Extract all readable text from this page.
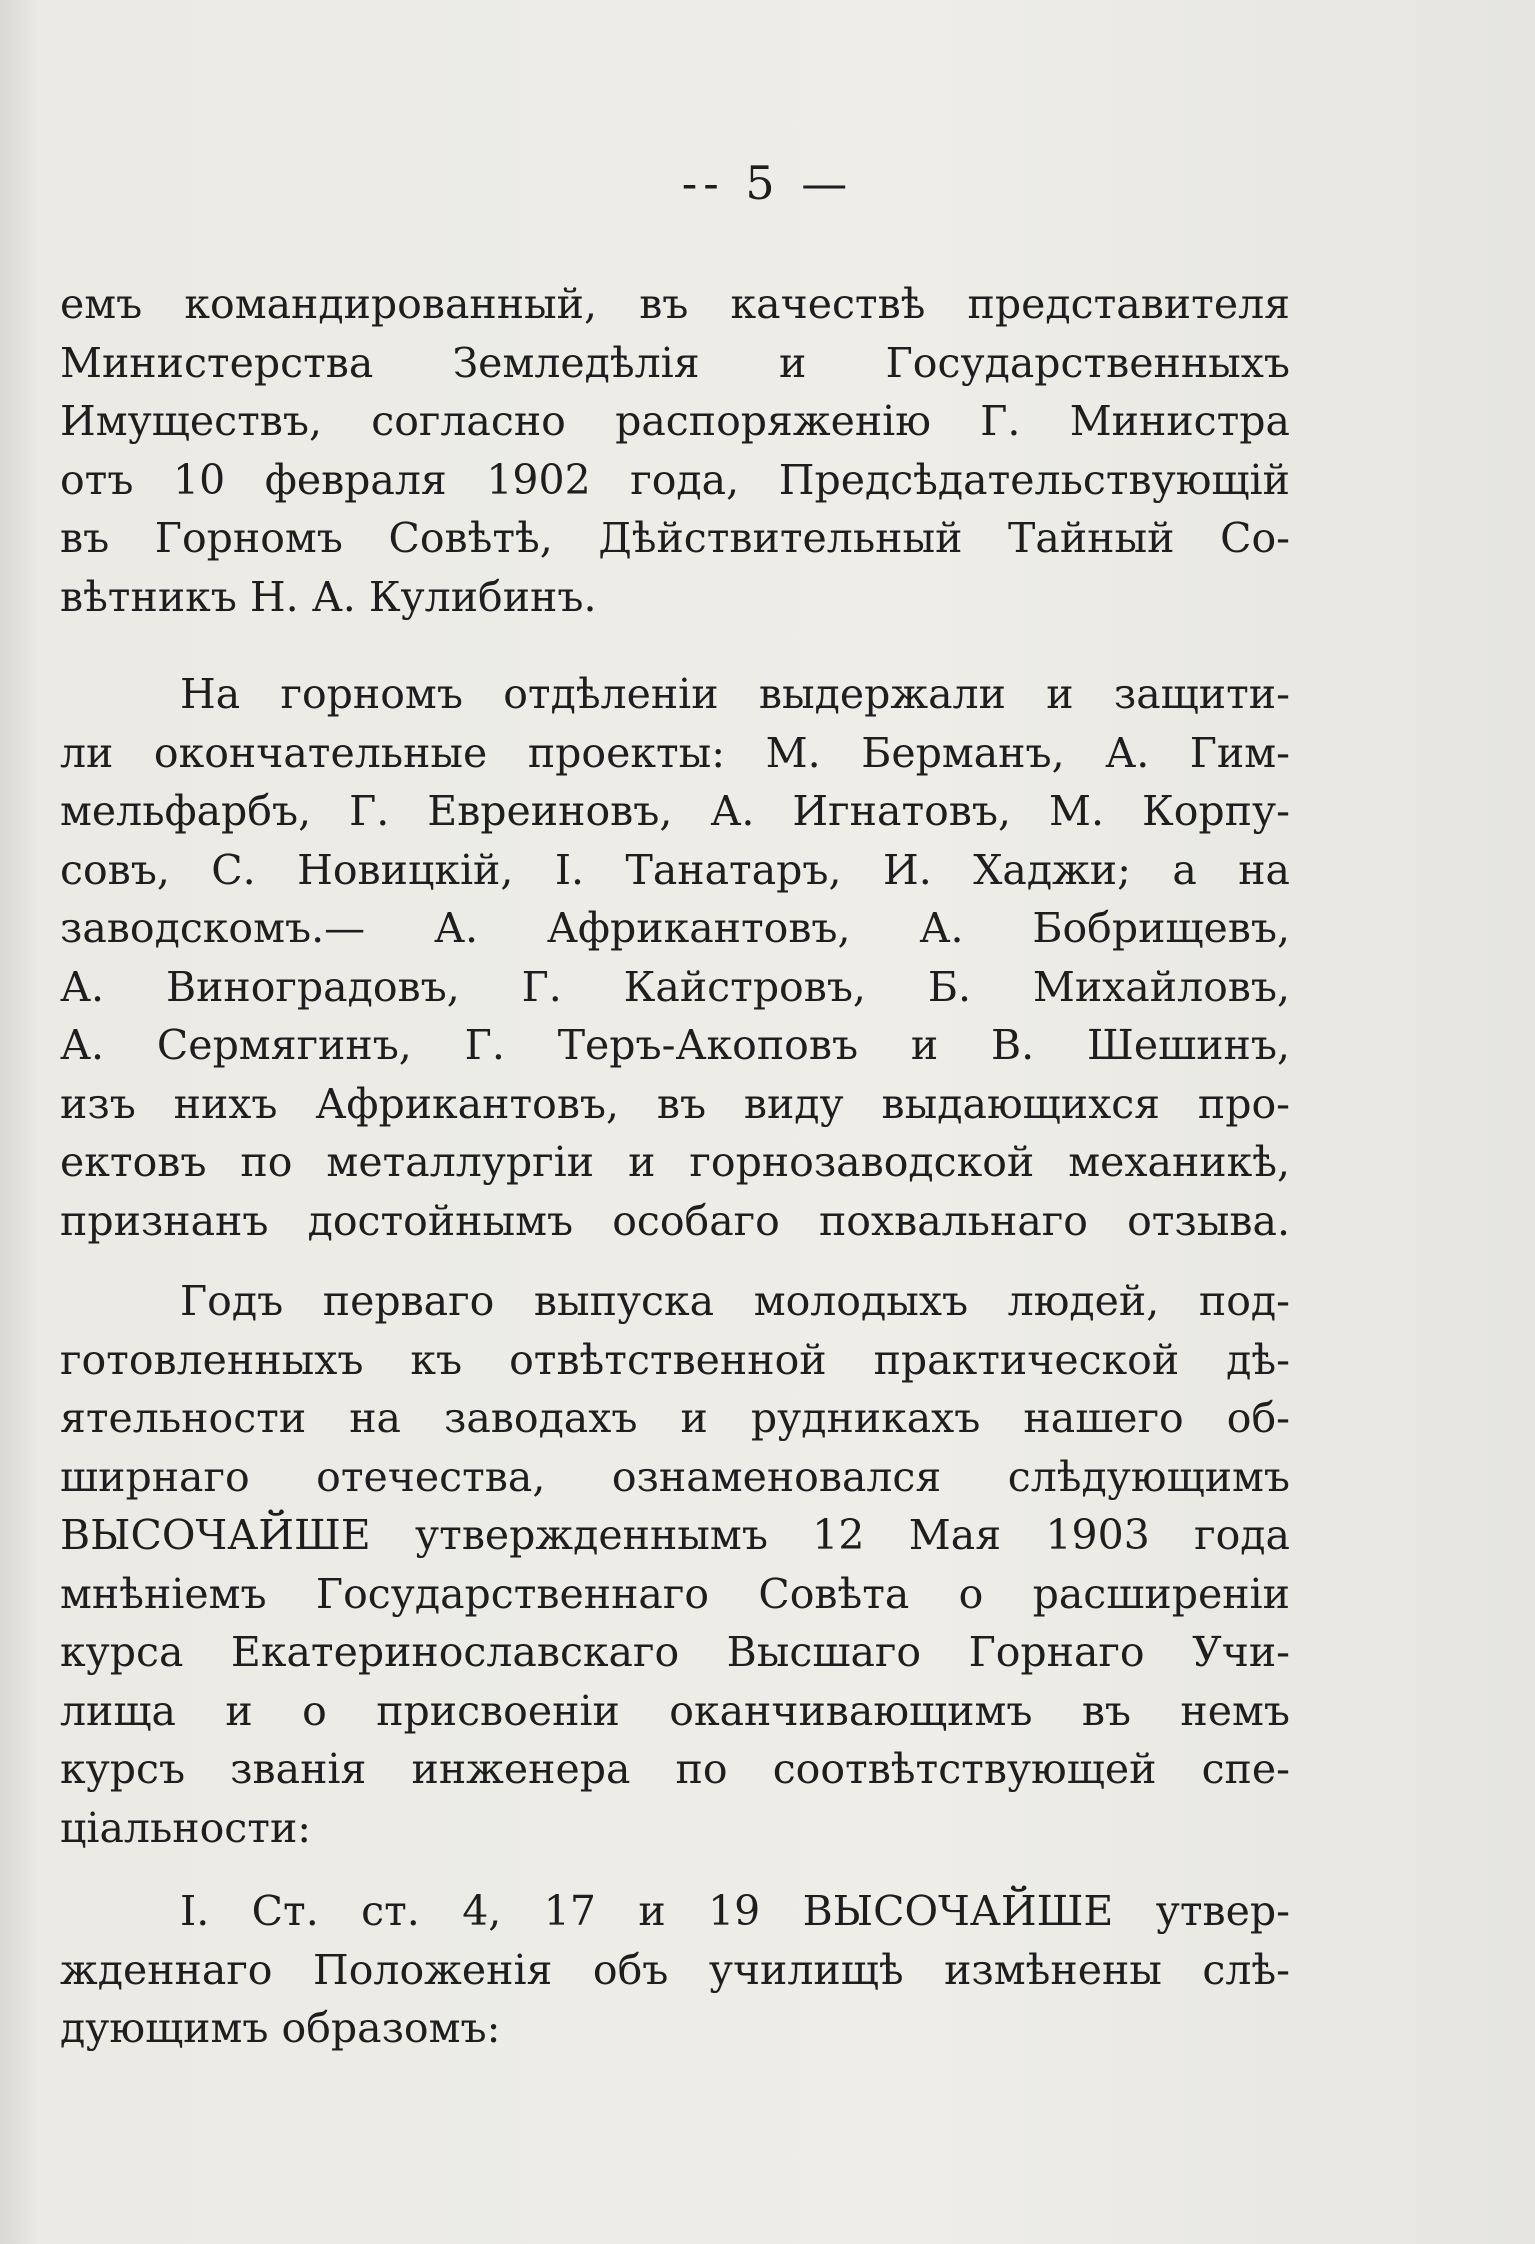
-- 5 —
емъ командированный, въ качествѣ представителя
Министерства Земледѣлія и Государственныхъ
Имуществъ, согласно распоряженію Г. Министра
отъ 10 февраля 1902 года, Предсѣдательствующій
въ Горномъ Совѣтѣ, Дѣйствительный Тайный Со-
вѣтникъ Н. А. Кулибинъ.
На горномъ отдѣленіи выдержали и защити-
ли окончательные проекты: М. Берманъ, А. Гим-
мельфарбъ, Г. Евреиновъ, А. Игнатовъ, М. Корпу-
совъ, С. Новицкій, І. Танатаръ, И. Хаджи; а на
заводскомъ.— А. Африкантовъ, А. Бобрищевъ,
А. Виноградовъ, Г. Кайстровъ, Б. Михайловъ,
А. Сермягинъ, Г. Теръ-Акоповъ и В. Шешинъ,
изъ нихъ Африкантовъ, въ виду выдающихся про-
ектовъ по металлургіи и горнозаводской механикѣ,
признанъ достойнымъ особаго похвальнаго отзыва.
Годъ перваго выпуска молодыхъ людей, под-
готовленныхъ къ отвѣтственной практической дѣ-
ятельности на заводахъ и рудникахъ нашего об-
ширнаго отечества, ознаменовался слѣдующимъ
ВЫСОЧАЙШЕ утвержденнымъ 12 Мая 1903 года
мнѣніемъ Государственнаго Совѣта о расширеніи
курса Екатеринославскаго Высшаго Горнаго Учи-
лища и о присвоеніи оканчивающимъ въ немъ
курсъ званія инженера по соотвѣтствующей спе-
ціальности:
І. Ст. ст. 4, 17 и 19 ВЫСОЧАЙШЕ утвер-
жденнаго Положенія объ училищѣ измѣнены слѣ-
дующимъ образомъ:
